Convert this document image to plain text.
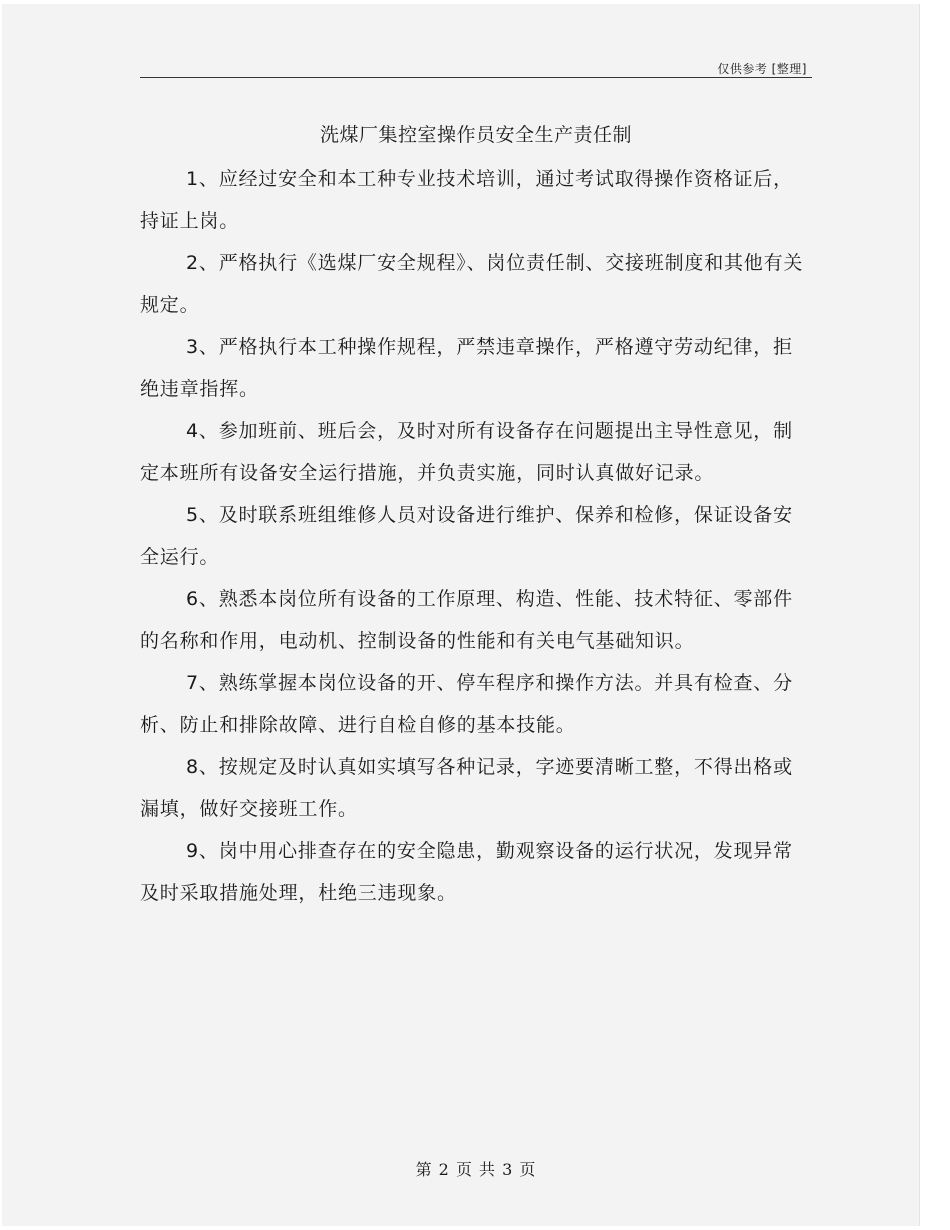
仅供参考 [整理]
洗煤厂集控室操作员安全生产责任制

1、应经过安全和本工种专业技术培训，通过考试取得操作资格证后，持证上岗。

2、严格执行《选煤厂安全规程》、岗位责任制、交接班制度和其他有关规定。

3、严格执行本工种操作规程，严禁违章操作，严格遵守劳动纪律，拒绝违章指挥。

4、参加班前、班后会，及时对所有设备存在问题提出主导性意见，制定本班所有设备安全运行措施，并负责实施，同时认真做好记录。

5、及时联系班组维修人员对设备进行维护、保养和检修，保证设备安全运行。

6、熟悉本岗位所有设备的工作原理、构造、性能、技术特征、零部件的名称和作用，电动机、控制设备的性能和有关电气基础知识。

7、熟练掌握本岗位设备的开、停车程序和操作方法。并具有检查、分析、防止和排除故障、进行自检自修的基本技能。

8、按规定及时认真如实填写各种记录，字迹要清晰工整，不得出格或漏填，做好交接班工作。

9、岗中用心排查存在的安全隐患，勤观察设备的运行状况，发现异常及时采取措施处理，杜绝三违现象。

第 2 页 共 3 页
